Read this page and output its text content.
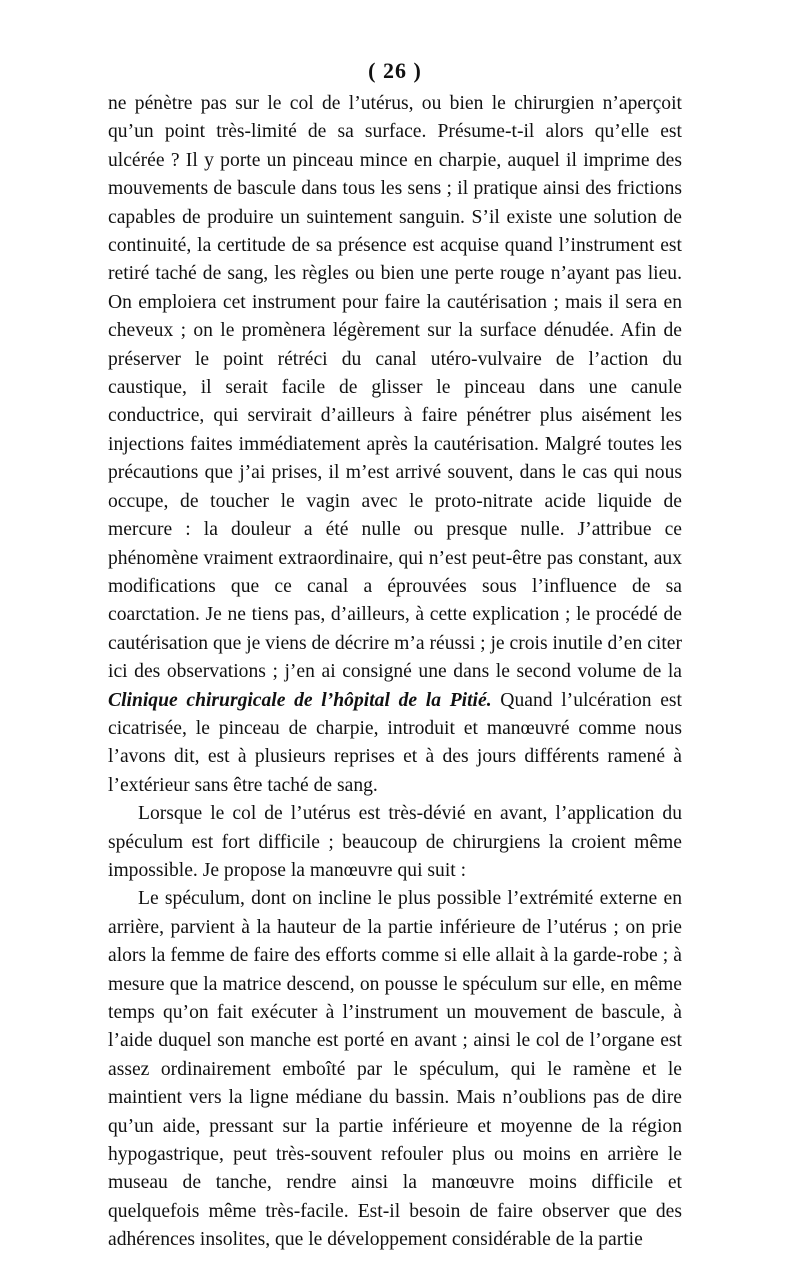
( 26 )

ne pénètre pas sur le col de l’utérus, ou bien le chirurgien n’aperçoit qu’un point très-limité de sa surface. Présume-t-il alors qu’elle est ulcérée ? Il y porte un pinceau mince en charpie, auquel il imprime des mouvements de bascule dans tous les sens ; il pratique ainsi des frictions capables de produire un suintement sanguin. S’il existe une solution de continuité, la certitude de sa présence est acquise quand l’instrument est retiré taché de sang, les règles ou bien une perte rouge n’ayant pas lieu. On emploiera cet instrument pour faire la cautérisation ; mais il sera en cheveux ; on le promènera légèrement sur la surface dénudée. Afin de préserver le point rétréci du canal utéro-vulvaire de l’action du caustique, il serait facile de glisser le pinceau dans une canule conductrice, qui servirait d’ailleurs à faire pénétrer plus aisément les injections faites immédiatement après la cautérisation. Malgré toutes les précautions que j’ai prises, il m’est arrivé souvent, dans le cas qui nous occupe, de toucher le vagin avec le proto-nitrate acide liquide de mercure : la douleur a été nulle ou presque nulle. J’attribue ce phénomène vraiment extraordinaire, qui n’est peut-être pas constant, aux modifications que ce canal a éprouvées sous l’influence de sa coarctation. Je ne tiens pas, d’ailleurs, à cette explication ; le procédé de cautérisation que je viens de décrire m’a réussi ; je crois inutile d’en citer ici des observations ; j’en ai consigné une dans le second volume de la Clinique chirurgicale de l’hôpital de la Pitié. Quand l’ulcération est cicatrisée, le pinceau de charpie, introduit et manœuvré comme nous l’avons dit, est à plusieurs reprises et à des jours différents ramené à l’extérieur sans être taché de sang.

Lorsque le col de l’utérus est très-dévié en avant, l’application du spéculum est fort difficile ; beaucoup de chirurgiens la croient même impossible. Je propose la manœuvre qui suit :

Le spéculum, dont on incline le plus possible l’extrémité externe en arrière, parvient à la hauteur de la partie inférieure de l’utérus ; on prie alors la femme de faire des efforts comme si elle allait à la garde-robe ; à mesure que la matrice descend, on pousse le spéculum sur elle, en même temps qu’on fait exécuter à l’instrument un mouvement de bascule, à l’aide duquel son manche est porté en avant ; ainsi le col de l’organe est assez ordinairement emboîté par le spéculum, qui le ramène et le maintient vers la ligne médiane du bassin. Mais n’oublions pas de dire qu’un aide, pressant sur la partie inférieure et moyenne de la région hypogastrique, peut très-souvent refouler plus ou moins en arrière le museau de tanche, rendre ainsi la manœuvre moins difficile et quelquefois même très-facile. Est-il besoin de faire observer que des adhérences insolites, que le développement considérable de la partie
